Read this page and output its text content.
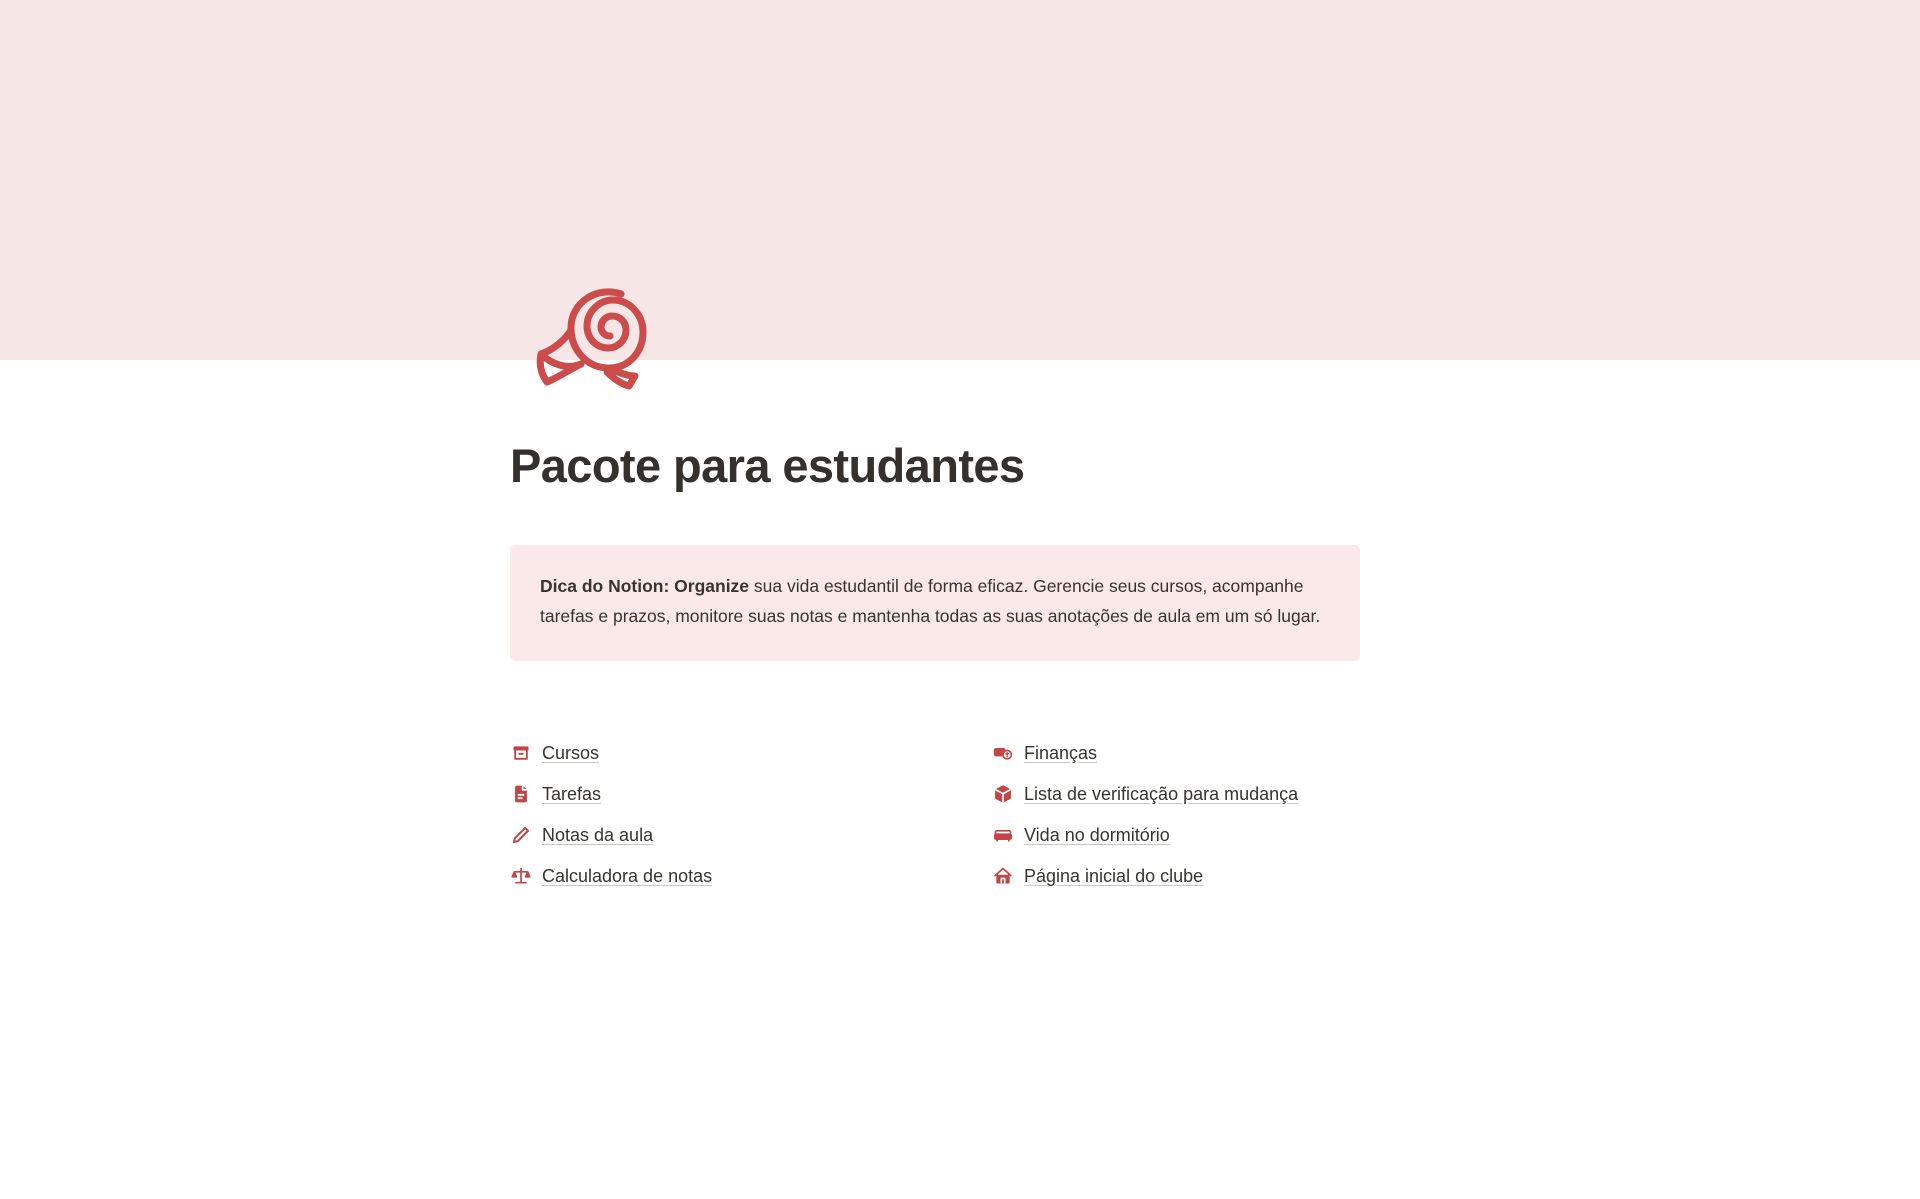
Pacote para estudantes

Dica do Notion: Organize sua vida estudantil de forma eficaz. Gerencie seus cursos, acompanhe tarefas e prazos, monitore suas notas e mantenha todas as suas anotações de aula em um só lugar.

Cursos
Tarefas
Notas da aula
Calculadora de notas
Finanças
Lista de verificação para mudança
Vida no dormitório
Página inicial do clube
